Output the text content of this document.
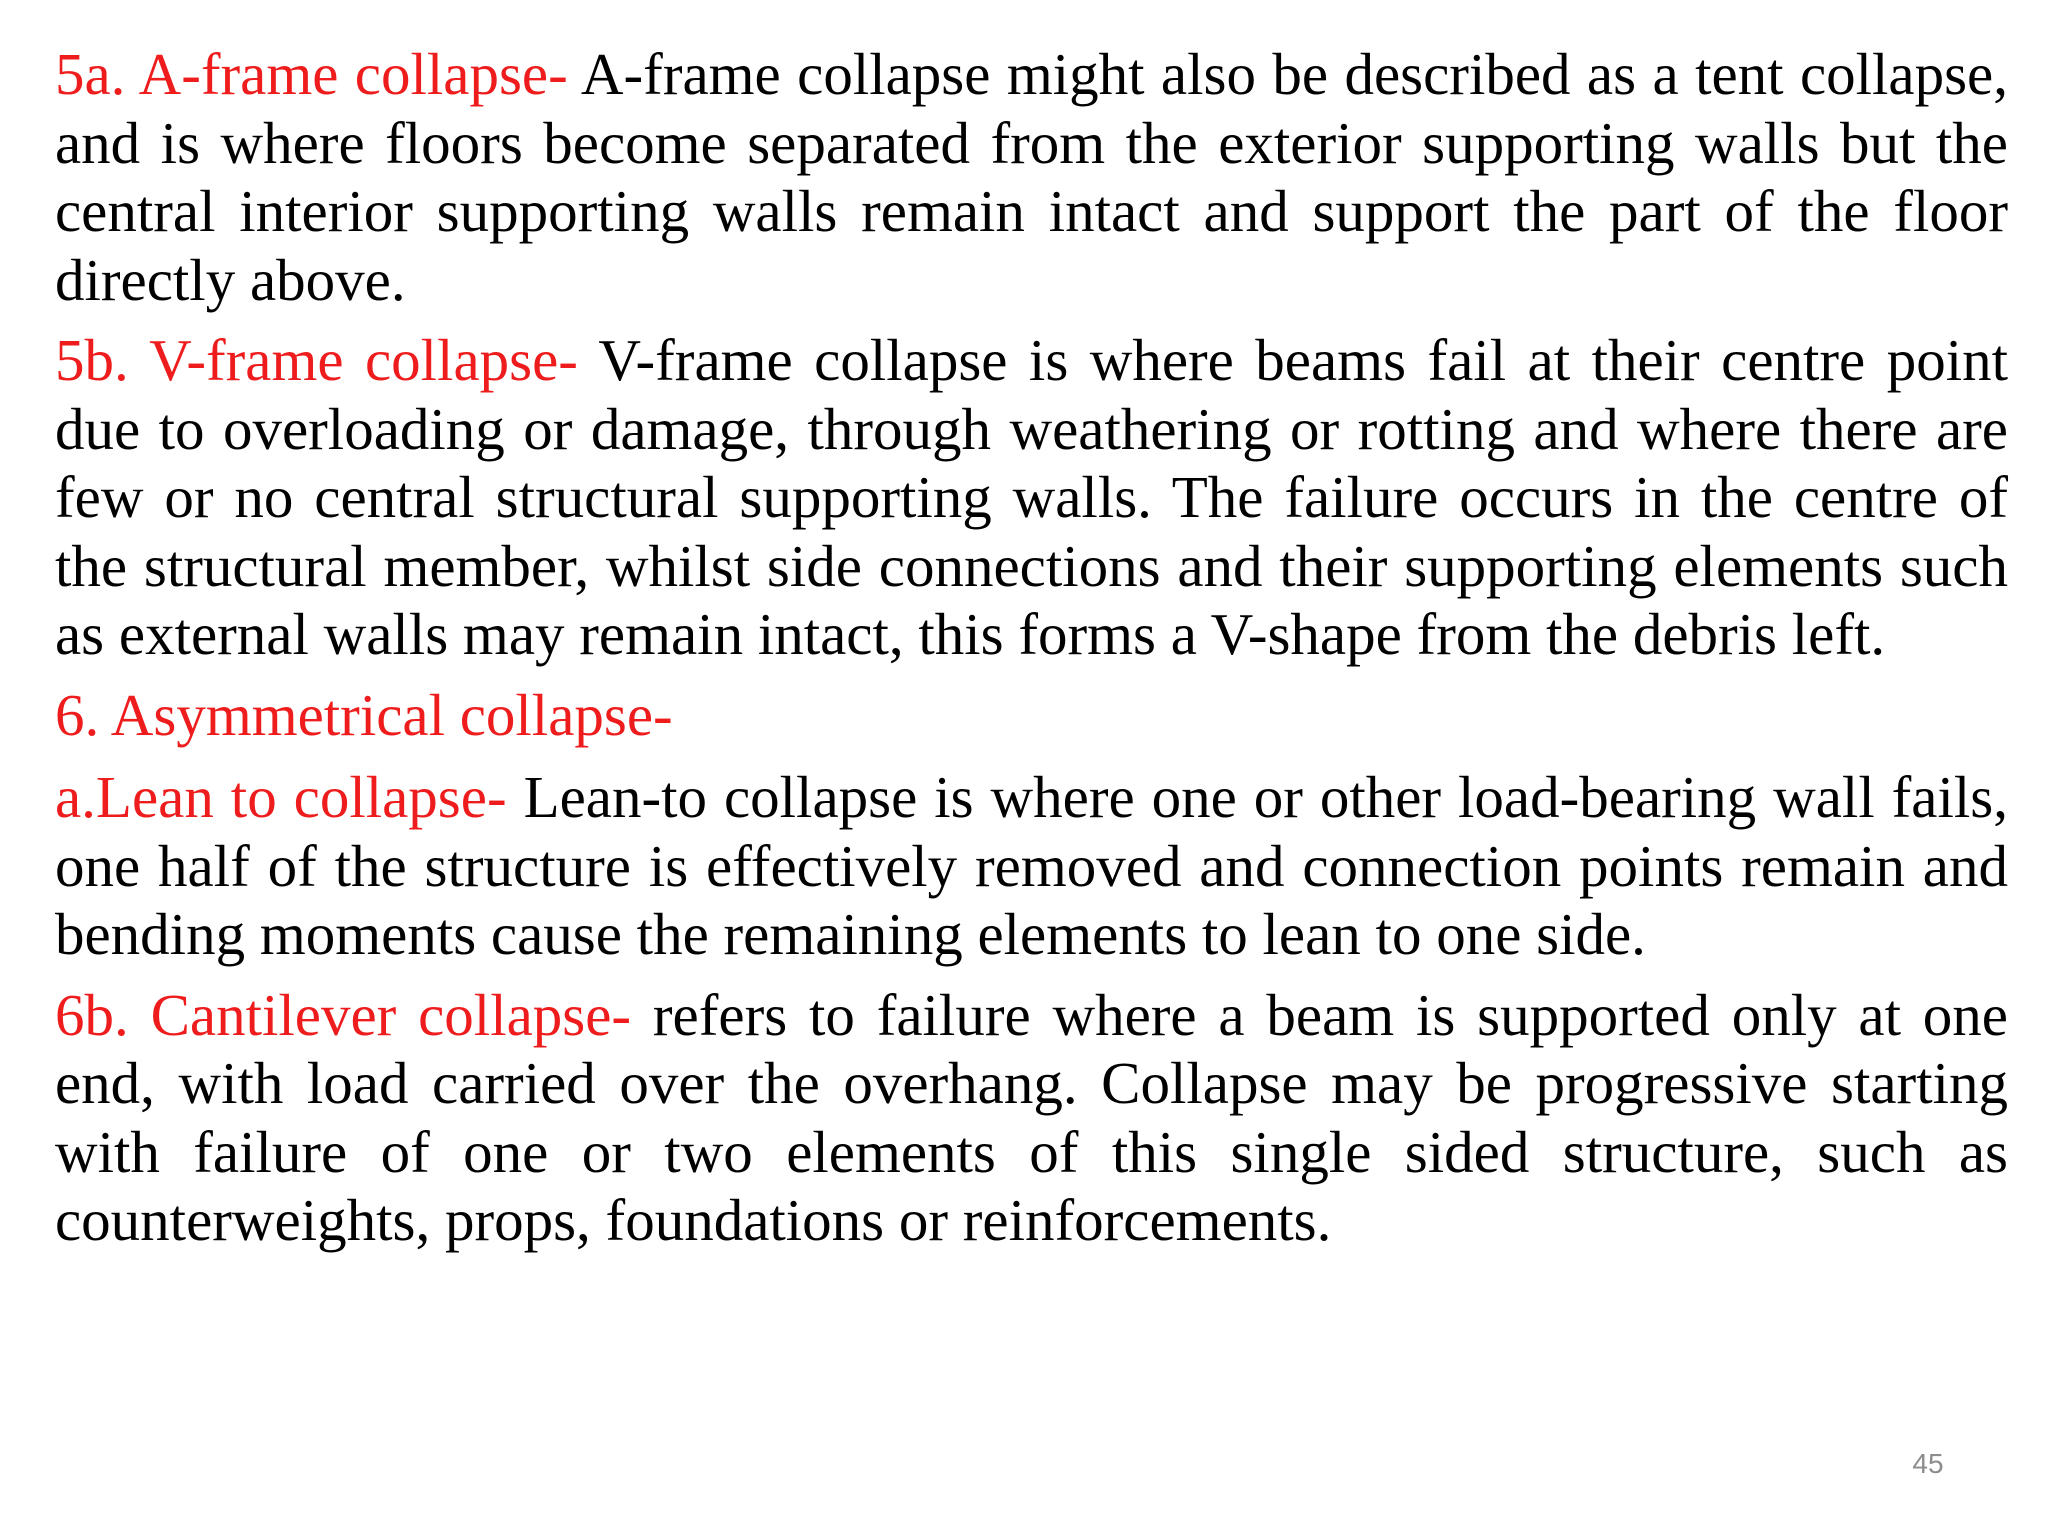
5a. A-frame collapse- A-frame collapse might also be described as a tent collapse, and is where floors become separated from the exterior supporting walls but the central interior supporting walls remain intact and support the part of the floor directly above.

5b. V-frame collapse- V-frame collapse is where beams fail at their centre point due to overloading or damage, through weathering or rotting and where there are few or no central structural supporting walls. The failure occurs in the centre of the structural member, whilst side connections and their supporting elements such as external walls may remain intact, this forms a V-shape from the debris left.

6. Asymmetrical collapse-

a.Lean to collapse- Lean-to collapse is where one or other load-bearing wall fails, one half of the structure is effectively removed and connection points remain and bending moments cause the remaining elements to lean to one side.

6b. Cantilever collapse- refers to failure where a beam is supported only at one end, with load carried over the overhang. Collapse may be progressive starting with failure of one or two elements of this single sided structure, such as counterweights, props, foundations or reinforcements.

45
